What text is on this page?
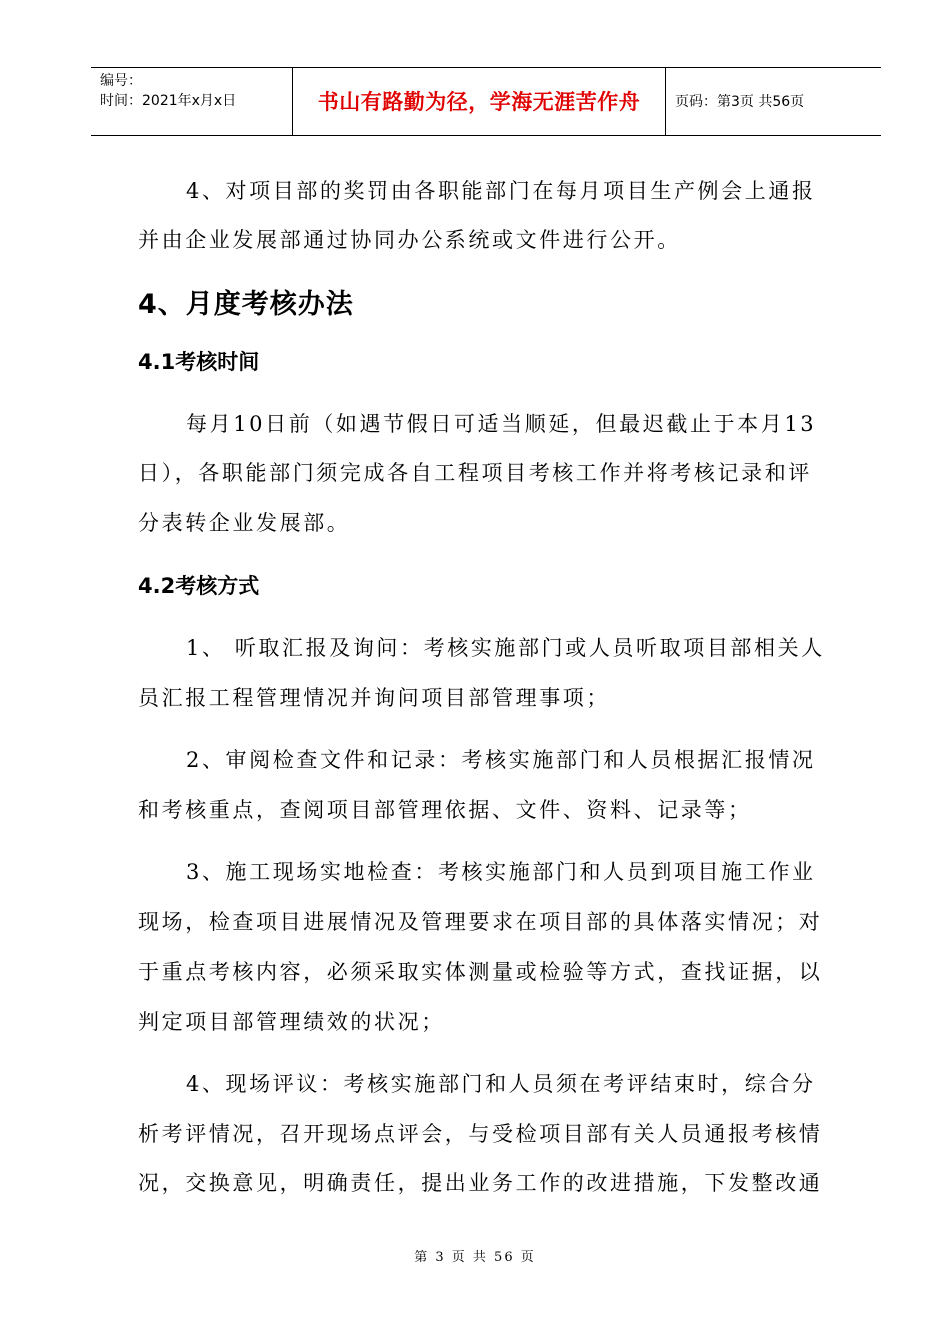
编号：
时间：2021年x月x日	书山有路勤为径，学海无涯苦作舟	页码：第3页 共56页
4、对项目部的奖罚由各职能部门在每月项目生产例会上通报
并由企业发展部通过协同办公系统或文件进行公开。
4、月度考核办法
4.1考核时间
每月10日前（如遇节假日可适当顺延，但最迟截止于本月13
日），各职能部门须完成各自工程项目考核工作并将考核记录和评
分表转企业发展部。
4.2考核方式
1、 听取汇报及询问：考核实施部门或人员听取项目部相关人
员汇报工程管理情况并询问项目部管理事项；
2、审阅检查文件和记录：考核实施部门和人员根据汇报情况
和考核重点，查阅项目部管理依据、文件、资料、记录等；
3、施工现场实地检查：考核实施部门和人员到项目施工作业
现场，检查项目进展情况及管理要求在项目部的具体落实情况；对
于重点考核内容，必须采取实体测量或检验等方式，查找证据，以
判定项目部管理绩效的状况；
4、现场评议：考核实施部门和人员须在考评结束时，综合分
析考评情况，召开现场点评会，与受检项目部有关人员通报考核情
况，交换意见，明确责任，提出业务工作的改进措施，下发整改通
第 3 页 共 56 页
